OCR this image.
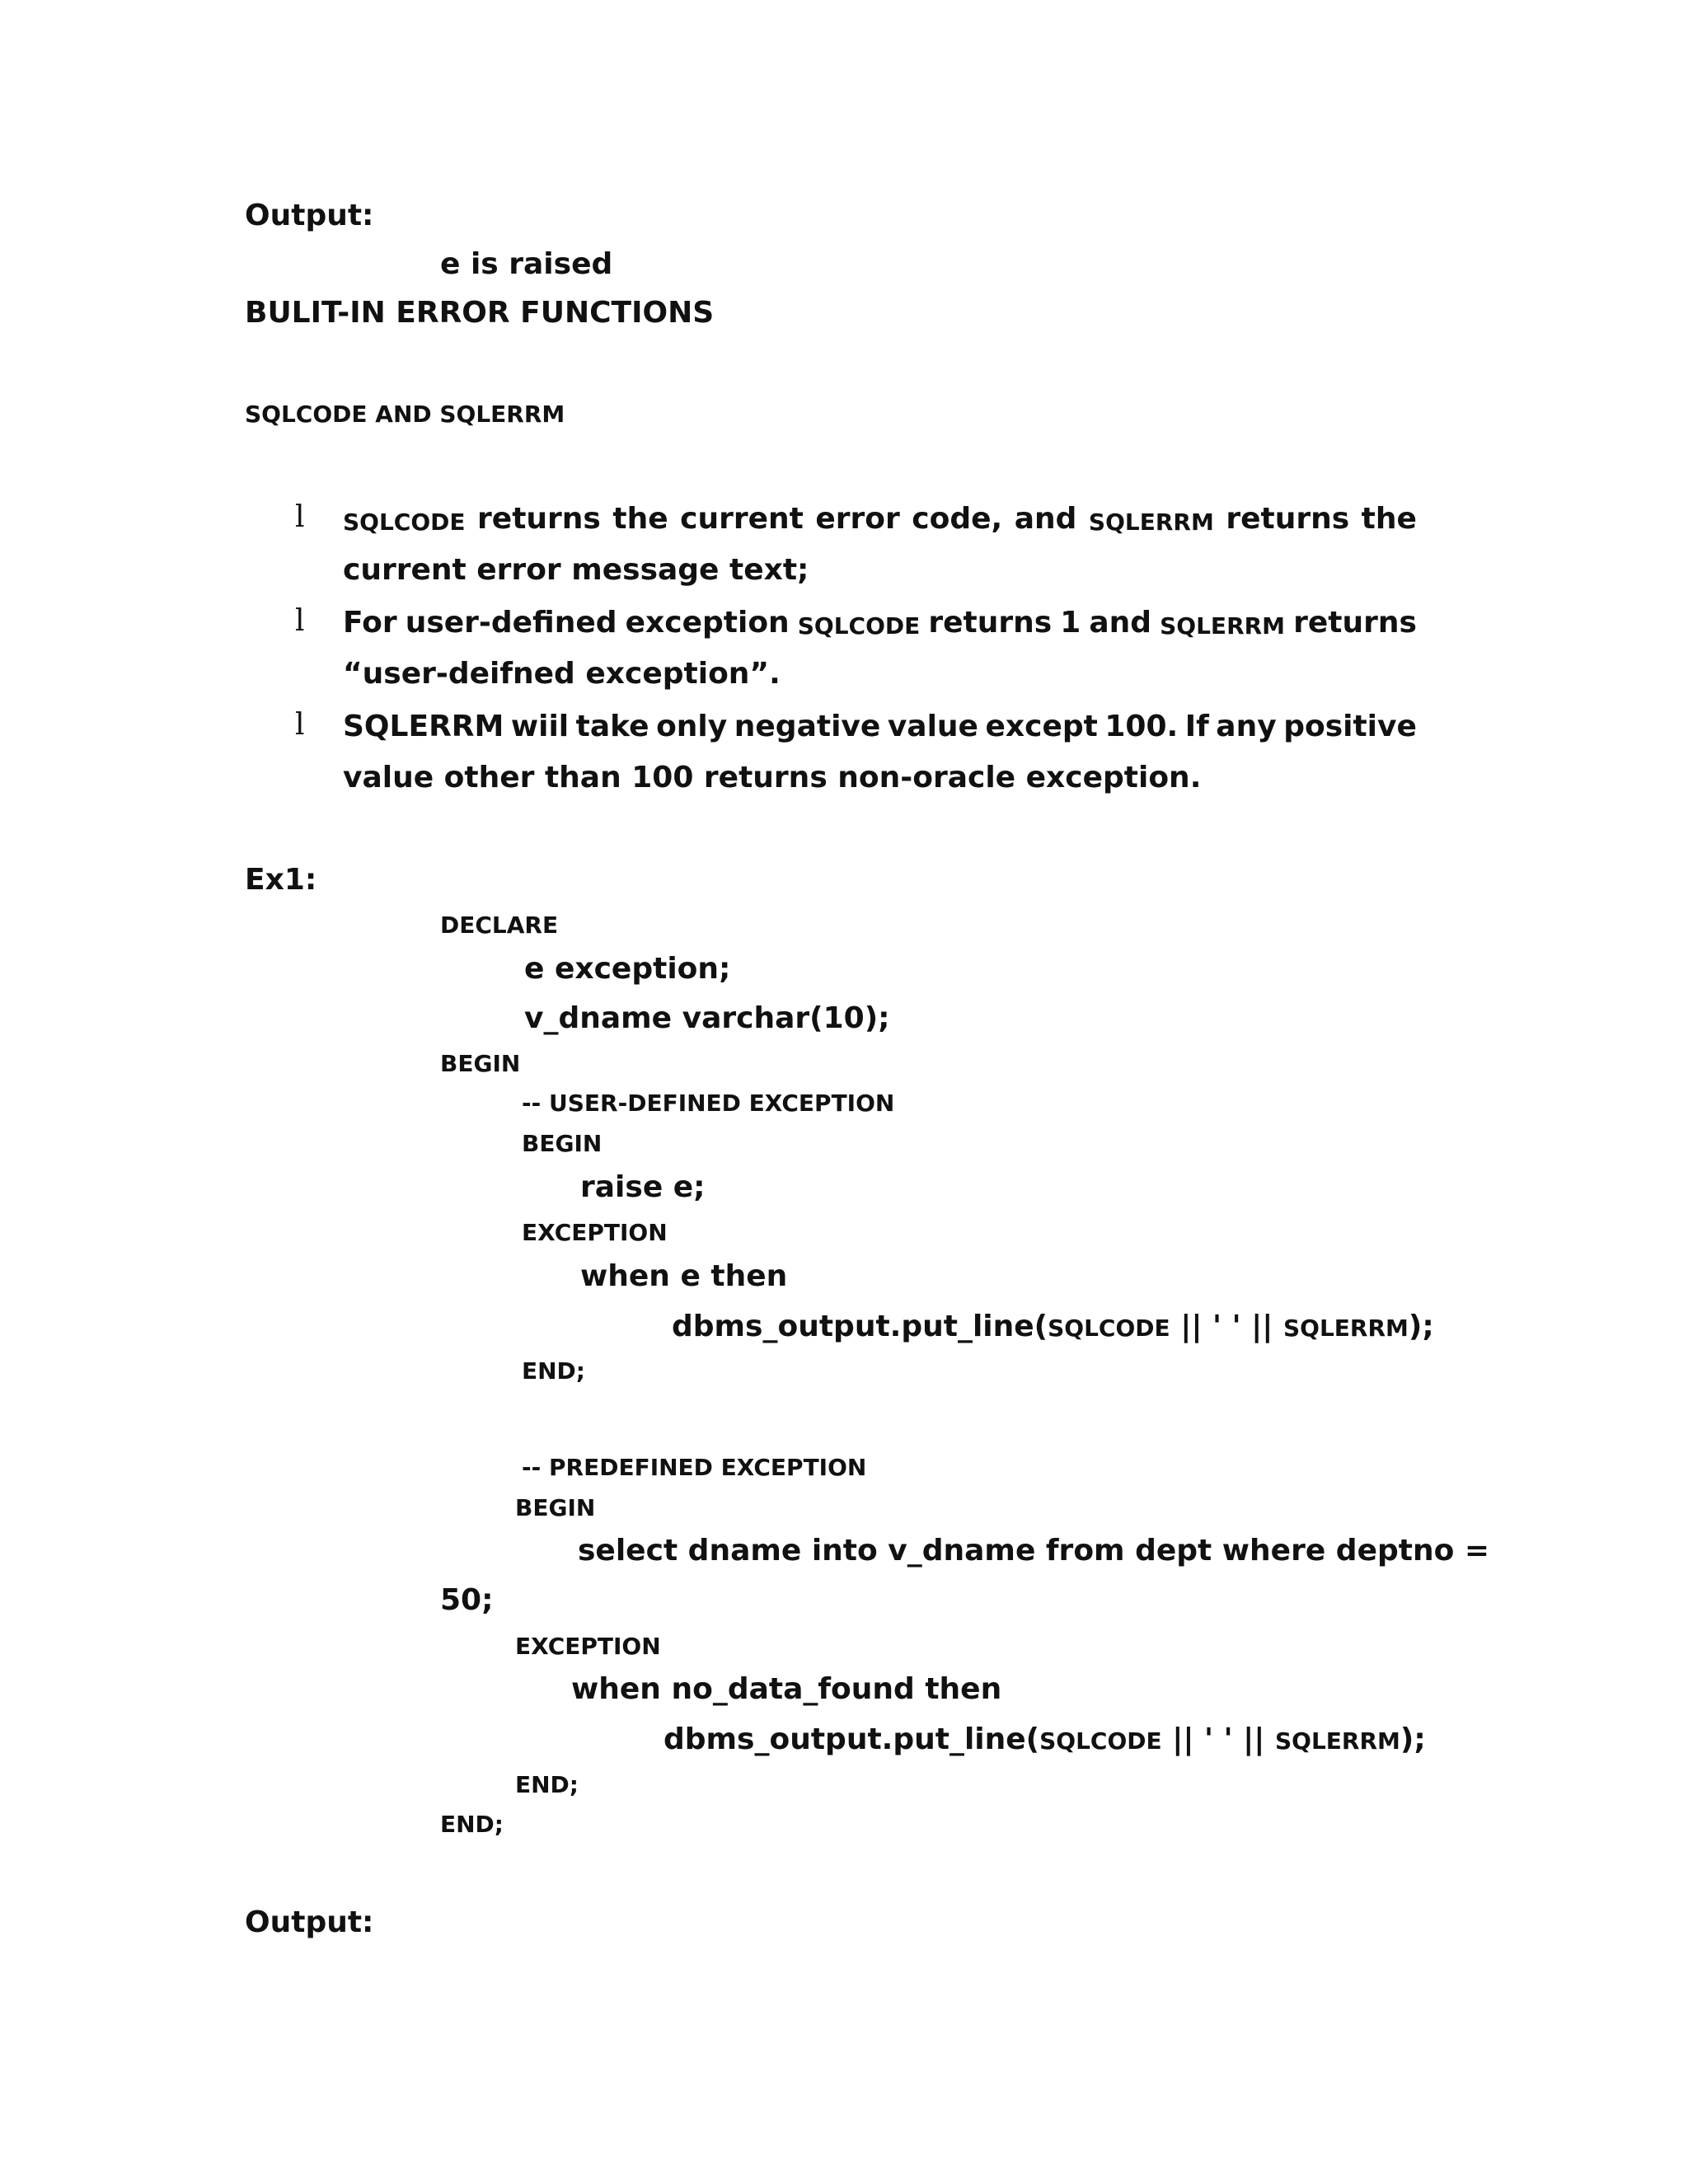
Output:
e is raised
BULIT-IN ERROR FUNCTIONS
SQLCODE AND SQLERRM
l SQLCODE returns the current error code, and SQLERRM returns the
current error message text;
l For user-defined exception SQLCODE returns 1 and SQLERRM returns
“user-deifned exception”.
l SQLERRM wiil take only negative value except 100. If any positive
value other than 100 returns non-oracle exception.
Ex1:
DECLARE
e exception;
v_dname varchar(10);
BEGIN
-- USER-DEFINED EXCEPTION
BEGIN
raise e;
EXCEPTION
when e then
dbms_output.put_line(SQLCODE || ' ' || SQLERRM);
END;
-- PREDEFINED EXCEPTION
BEGIN
select dname into v_dname from dept where deptno =
50;
EXCEPTION
when no_data_found then
dbms_output.put_line(SQLCODE || ' ' || SQLERRM);
END;
END;
Output:
